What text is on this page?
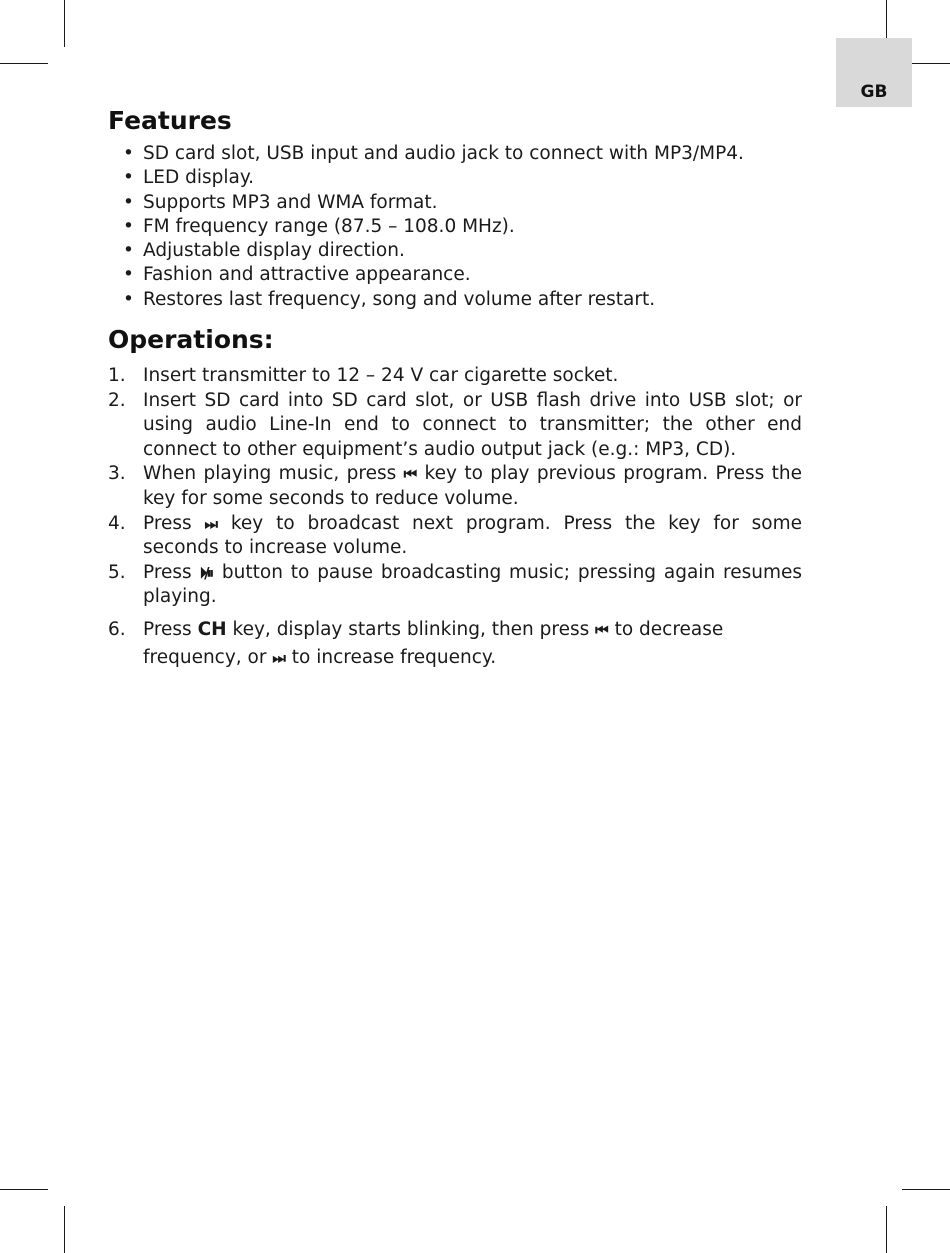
GB
Features
• SD card slot, USB input and audio jack to connect with MP3/MP4.
• LED display.
• Supports MP3 and WMA format.
• FM frequency range (87.5 – 108.0 MHz).
• Adjustable display direction.
• Fashion and attractive appearance.
• Restores last frequency, song and volume after restart.
Operations:
1. Insert transmitter to 12 – 24 V car cigarette socket.
2. Insert SD card into SD card slot, or USB flash drive into USB slot; or using audio Line-In end to connect to transmitter; the other end connect to other equipment’s audio output jack (e.g.: MP3, CD).
3. When playing music, press ⏮ key to play previous program. Press the key for some seconds to reduce volume.
4. Press ⏭ key to broadcast next program. Press the key for some seconds to increase volume.
5. Press ⏵/⏸ button to pause broadcasting music; pressing again resumes playing.
6. Press CH key, display starts blinking, then press ⏮ to decrease frequency, or ⏭ to increase frequency.
